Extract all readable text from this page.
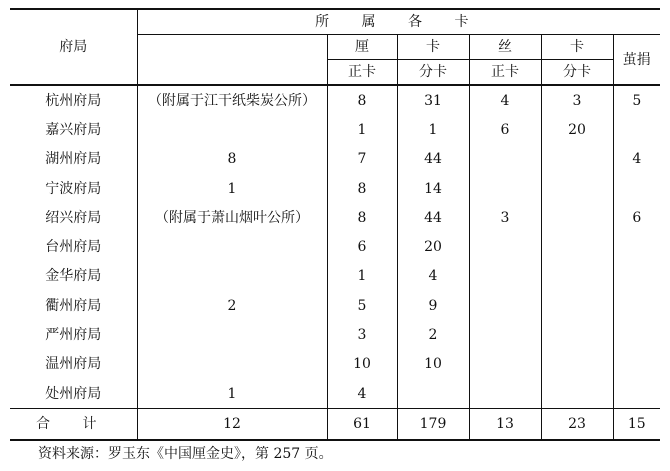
府局	所 属 各 卡					
		厘	卡	丝	卡	茧捐
		正卡	分卡	正卡	分卡	
杭州府局	（附属于江干纸柴炭公所）	8	31	4	3	5
嘉兴府局		1	1	6	20	
湖州府局	8	7	44			4
宁波府局	1	8	14			
绍兴府局	（附属于萧山烟叶公所）	8	44	3		6
台州府局		6	20			
金华府局		1	4			
衢州府局	2	5	9			
严州府局		3	2			
温州府局		10	10			
处州府局	1	4				
合 计	12	61	179	13	23	15
资料来源：罗玉东《中国厘金史》，第 257 页。
